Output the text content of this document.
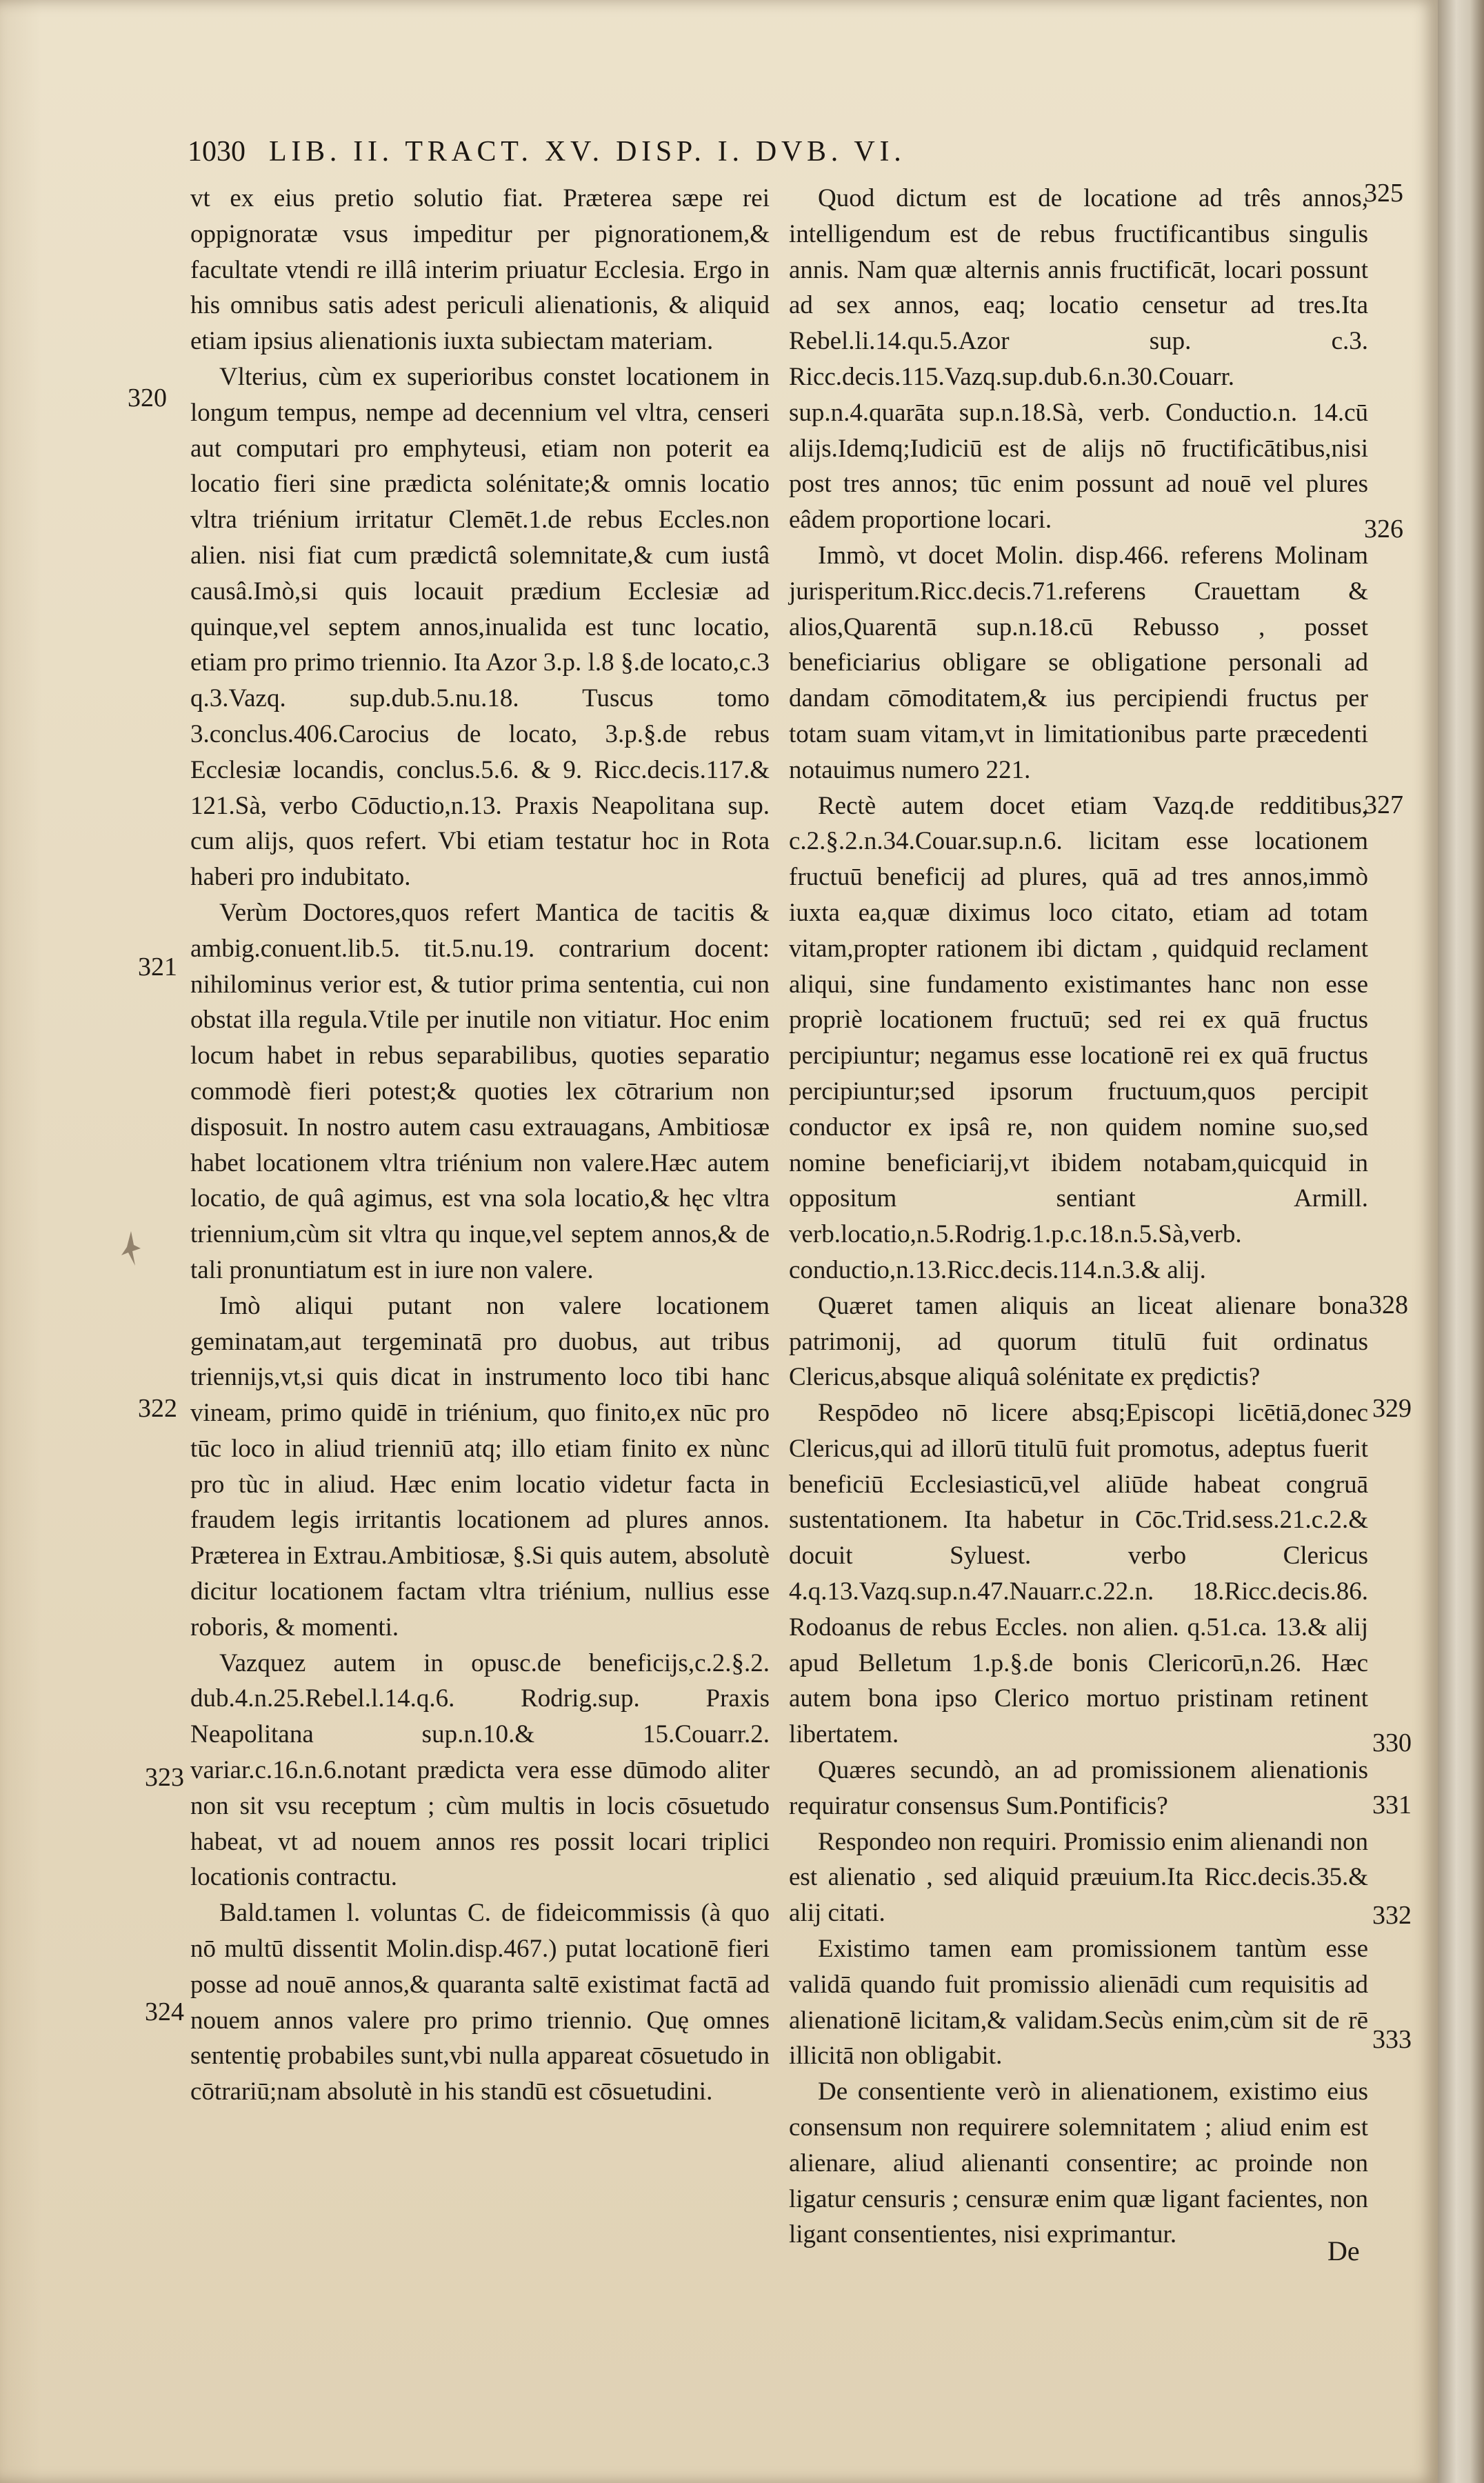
1030 LIB. II. TRACT. XV. DISP. I. DVB. VI.

vt ex eius pretio solutio fiat. Præterea sæpe rei oppignoratæ vsus impeditur per pignorationem,& facultate vtendi re illâ interim priuatur Ecclesia. Ergo in his omnibus satis adest periculi alienationis, & aliquid etiam ipsius alienationis iuxta subiectam materiam.

Vlterius, cùm ex superioribus constet locationem in longum tempus, nempe ad decennium vel vltra, censeri aut computari pro emphyteusi, etiam non poterit ea locatio fieri sine prædicta solénitate;& omnis locatio vltra triénium irritatur Clemēt.1.de rebus Eccles.non alien. nisi fiat cum prædictâ solemnitate,& cum iustâ causâ.Imò,si quis locauit prædium Ecclesiæ ad quinque,vel septem annos,inualida est tunc locatio, etiam pro primo triennio. Ita Azor 3.p. l.8 §.de locato,c.3 q.3.Vazq. sup.dub.5.nu.18. Tuscus tomo 3.conclus.406.Carocius de locato, 3.p.§.de rebus Ecclesiæ locandis, conclus.5.6. & 9. Ricc.decis.117.& 121.Sà, verbo Cōductio,n.13. Praxis Neapolitana sup. cum alijs, quos refert. Vbi etiam testatur hoc in Rota haberi pro indubitato.

Verùm Doctores,quos refert Mantica de tacitis & ambig.conuent.lib.5. tit.5.nu.19. contrarium docent: nihilominus verior est, & tutior prima sententia, cui non obstat illa regula.Vtile per inutile non vitiatur. Hoc enim locum habet in rebus separabilibus, quoties separatio commodè fieri potest;& quoties lex cōtrarium non disposuit. In nostro autem casu extrauagans, Ambitiosæ habet locationem vltra triénium non valere.Hæc autem locatio, de quâ agimus, est vna sola locatio,& hęc vltra triennium,cùm sit vltra qu inque,vel septem annos,& de tali pronuntiatum est in iure non valere.

Imò aliqui putant non valere locationem geminatam,aut tergeminatā pro duobus, aut tribus triennijs,vt,si quis dicat in instrumento loco tibi hanc vineam, primo quidē in triénium, quo finito,ex nūc pro tūc loco in aliud trienniū atq; illo etiam finito ex nùnc pro tùc in aliud. Hæc enim locatio videtur facta in fraudem legis irritantis locationem ad plures annos. Præterea in Extrau.Ambitiosæ, §.Si quis autem, absolutè dicitur locationem factam vltra triénium, nullius esse roboris, & momenti.

Vazquez autem in opusc.de beneficijs,c.2.§.2. dub.4.n.25.Rebel.l.14.q.6. Rodrig.sup. Praxis Neapolitana sup.n.10.& 15.Couarr.2. variar.c.16.n.6.notant prædicta vera esse dūmodo aliter non sit vsu receptum ; cùm multis in locis cōsuetudo habeat, vt ad nouem annos res possit locari triplici locationis contractu.

Bald.tamen l. voluntas C. de fideicommissis (à quo nō multū dissentit Molin.disp.467.) putat locationē fieri posse ad nouē annos,& quaranta saltē existimat factā ad nouem annos valere pro primo triennio. Quę omnes sententię probabiles sunt,vbi nulla appareat cōsuetudo in cōtrariū;nam absolutè in his standū est cōsuetudini.

Quod dictum est de locatione ad três annos, intelligendum est de rebus fructificantibus singulis annis. Nam quæ alternis annis fructificāt, locari possunt ad sex annos, eaq; locatio censetur ad tres.Ita Rebel.li.14.qu.5.Azor sup. c.3. Ricc.decis.115.Vazq.sup.dub.6.n.30.Couarr. sup.n.4.quarāta sup.n.18.Sà, verb. Conductio.n. 14.cū alijs.Idemq;Iudiciū est de alijs nō fructificātibus,nisi post tres annos; tūc enim possunt ad nouē vel plures eâdem proportione locari.

Immò, vt docet Molin. disp.466. referens Molinam jurisperitum.Ricc.decis.71.referens Crauettam & alios,Quarentā sup.n.18.cū Rebusso , posset beneficiarius obligare se obligatione personali ad dandam cōmoditatem,& ius percipiendi fructus per totam suam vitam,vt in limitationibus parte præcedenti notauimus numero 221.

Rectè autem docet etiam Vazq.de redditibus, c.2.§.2.n.34.Couar.sup.n.6. licitam esse locationem fructuū beneficij ad plures, quā ad tres annos,immò iuxta ea,quæ diximus loco citato, etiam ad totam vitam,propter rationem ibi dictam , quidquid reclament aliqui, sine fundamento existimantes hanc non esse propriè locationem fructuū; sed rei ex quā fructus percipiuntur; negamus esse locationē rei ex quā fructus percipiuntur;sed ipsorum fructuum,quos percipit conductor ex ipsâ re, non quidem nomine suo,sed nomine beneficiarij,vt ibidem notabam,quicquid in oppositum sentiant Armill. verb.locatio,n.5.Rodrig.1.p.c.18.n.5.Sà,verb. conductio,n.13.Ricc.decis.114.n.3.& alij.

Quæret tamen aliquis an liceat alienare bona patrimonij, ad quorum titulū fuit ordinatus Clericus,absque aliquâ solénitate ex prędictis?

Respōdeo nō licere absq;Episcopi licētiā,donec Clericus,qui ad illorū titulū fuit promotus, adeptus fuerit beneficiū Ecclesiasticū,vel aliūde habeat congruā sustentationem. Ita habetur in Cōc.Trid.sess.21.c.2.& docuit Syluest. verbo Clericus 4.q.13.Vazq.sup.n.47.Nauarr.c.22.n. 18.Ricc.decis.86. Rodoanus de rebus Eccles. non alien. q.51.ca. 13.& alij apud Belletum 1.p.§.de bonis Clericorū,n.26. Hæc autem bona ipso Clerico mortuo pristinam retinent libertatem.

Quæres secundò, an ad promissionem alienationis requiratur consensus Sum.Pontificis?

Respondeo non requiri. Promissio enim alienandi non est alienatio , sed aliquid præuium.Ita Ricc.decis.35.& alij citati.

Existimo tamen eam promissionem tantùm esse validā quando fuit promissio alienādi cum requisitis ad alienationē licitam,& validam.Secùs enim,cùm sit de rē illicitā non obligabit.

De consentiente verò in alienationem, existimo eius consensum non requirere solemnitatem ; aliud enim est alienare, aliud alienanti consentire; ac proinde non ligatur censuris ; censuræ enim quæ ligant facientes, non ligant consentientes, nisi exprimantur.

320
321
322
323
324
325
326
327
328
329
330
331
332
333
De
